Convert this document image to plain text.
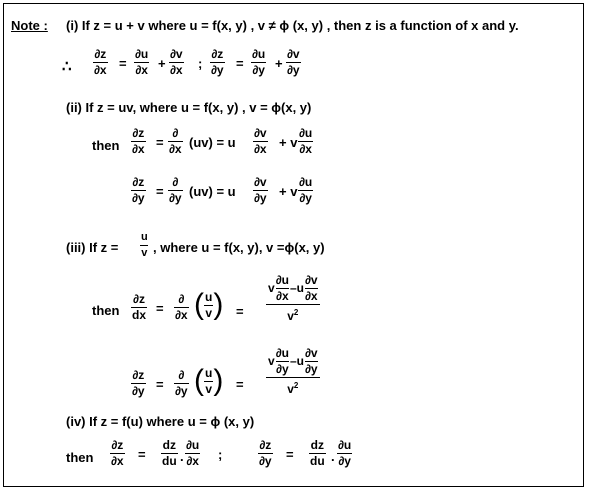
Note : (i) If z = u + v where u = f(x, y) , v ≠ ϕ (x, y) , then z is a function of x and y.
∴
∂z
∂x =
∂u
∂x +
∂v
∂x ;
∂z
∂y =
∂u
∂y +
∂v
∂y
(ii) If z = uv, where u = f(x, y) , v = ϕ(x, y)
then
∂z
∂x =
∂
∂x (uv) = u
∂v
∂x + v
∂u
∂x
∂z
∂y =
∂
∂y (uv) = u
∂v
∂y + v
∂u
∂y
(iii) If z =
u
v , where u = f(x, y), v =ϕ(x, y)
then
∂z
dx =
∂
∂x ( u
v ) =
v
∂u
∂x
– u
∂v
∂x
$v^2$
∂z
∂y =
∂
∂y ( u
v ) =
v
∂u
∂y
– u
∂v
∂y
$v^2$
(iv) If z = f(u) where u = ϕ (x, y)
then
∂z
∂x =
dz
du .
∂u
∂x ;
∂z
∂y =
dz
du .
∂u
∂y
